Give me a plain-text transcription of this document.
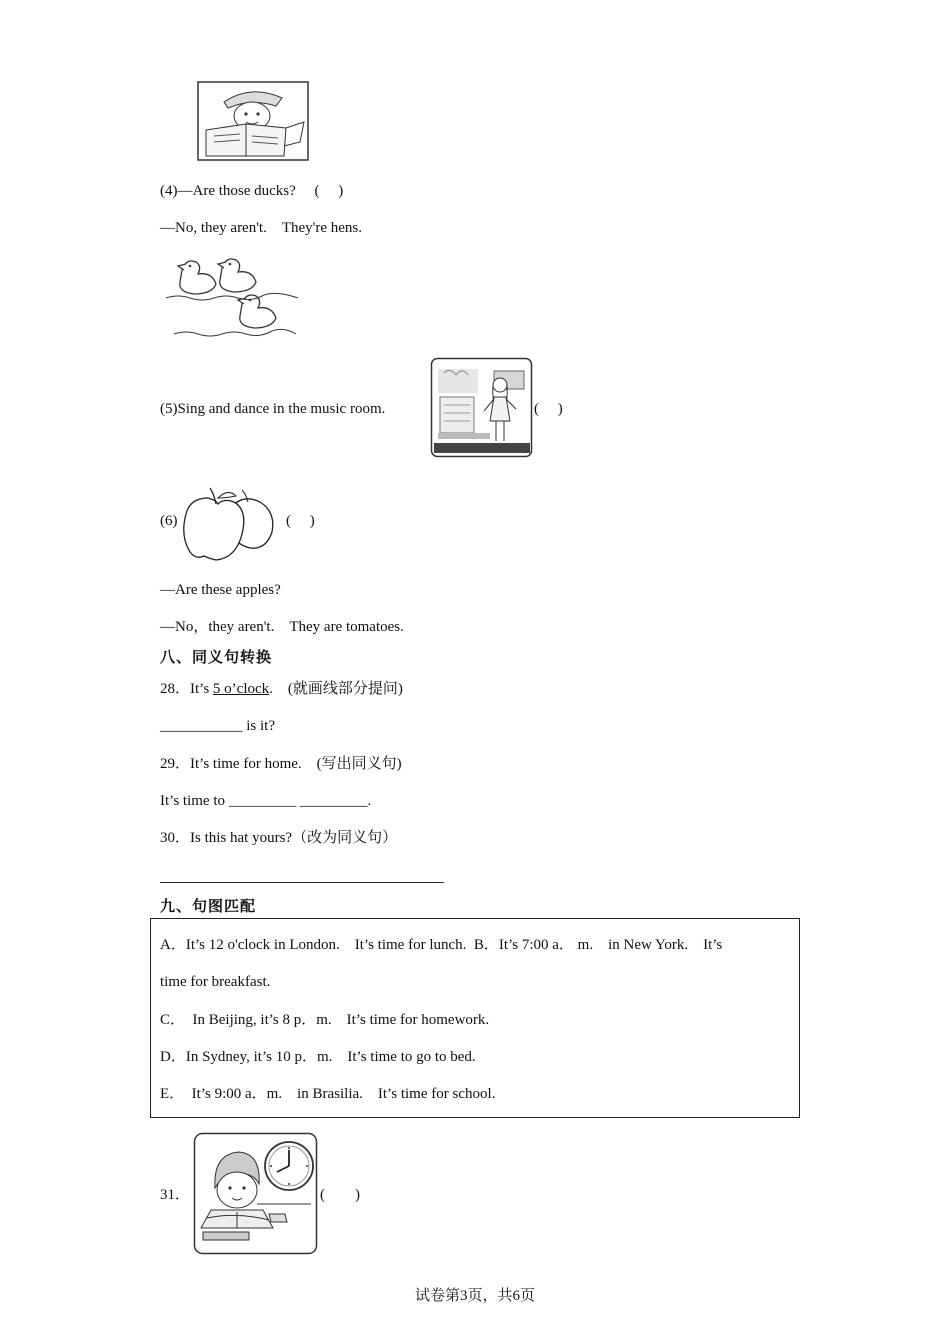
(4)—Are those ducks?　 (　 )
—No, they aren't.　They're hens.
(5)Sing and dance in the music room.	(　 )
(6)	(　 )
—Are these apples?
—No，they aren't.　They are tomatoes.
八、同义句转换
28．It’s 5 o’clock.　(就画线部分提问)
___________ is it?
29．It’s time for home.　(写出同义句)
It’s time to _________ _________.
30．Is this hat yours?（改为同义句）
九、句图匹配
A．It’s 12 o'clock in London.　It’s time for lunch.  B．It’s 7:00 a． m.　in New York.　It’s
time for breakfast.
C．　In Beijing, it’s 8 p．m.　It’s time for homework.
D．In Sydney, it’s 10 p．m.　It’s time to go to bed.
E．　It’s 9:00 a．m.　in Brasilia.　It’s time for school.
31．	(　　)
试卷第3页，共6页
